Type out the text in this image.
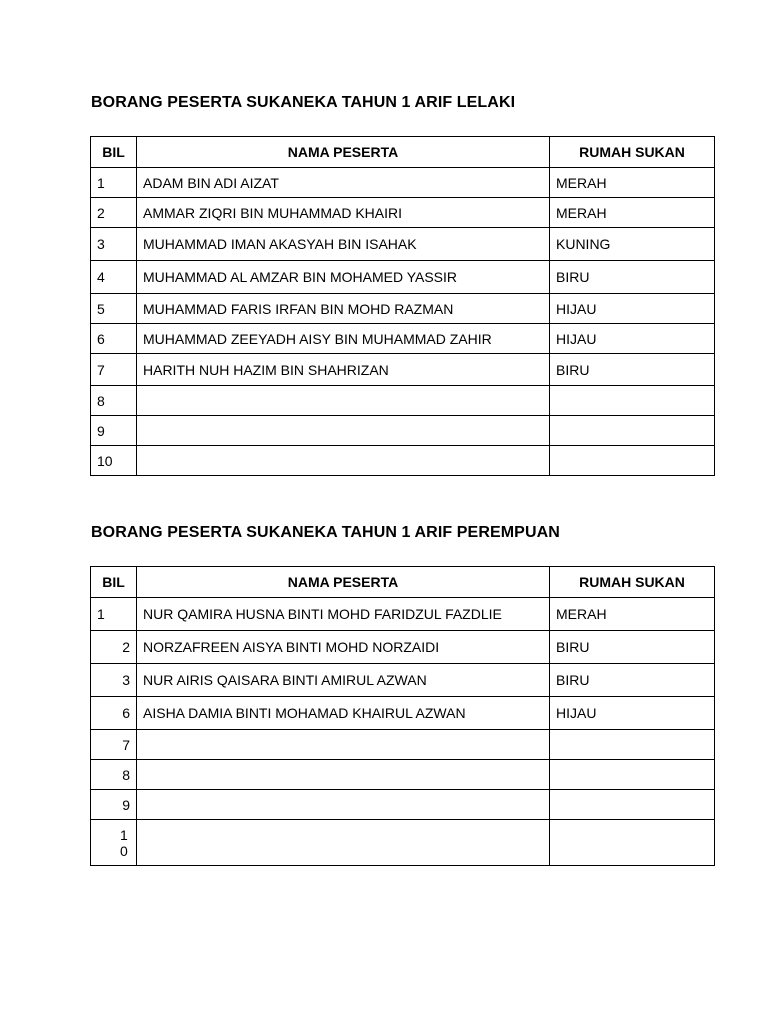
BORANG PESERTA SUKANEKA TAHUN 1 ARIF LELAKI
BIL	NAMA PESERTA	RUMAH SUKAN
1	ADAM BIN ADI AIZAT	MERAH
2	AMMAR ZIQRI BIN MUHAMMAD KHAIRI	MERAH
3	MUHAMMAD IMAN AKASYAH BIN ISAHAK	KUNING
4	MUHAMMAD AL AMZAR BIN MOHAMED YASSIR	BIRU
5	MUHAMMAD FARIS IRFAN BIN MOHD RAZMAN	HIJAU
6	MUHAMMAD ZEEYADH AISY BIN MUHAMMAD ZAHIR	HIJAU
7	HARITH NUH HAZIM BIN SHAHRIZAN	BIRU
8		
9		
10		
BORANG PESERTA SUKANEKA TAHUN 1 ARIF PEREMPUAN
BIL	NAMA PESERTA	RUMAH SUKAN
1	NUR QAMIRA HUSNA BINTI MOHD FARIDZUL FAZDLIE	MERAH
2	NORZAFREEN AISYA BINTI MOHD NORZAIDI	BIRU
3	NUR AIRIS QAISARA BINTI AMIRUL AZWAN	BIRU
6	AISHA DAMIA BINTI MOHAMAD KHAIRUL AZWAN	HIJAU
7		
8		
9		
10		
